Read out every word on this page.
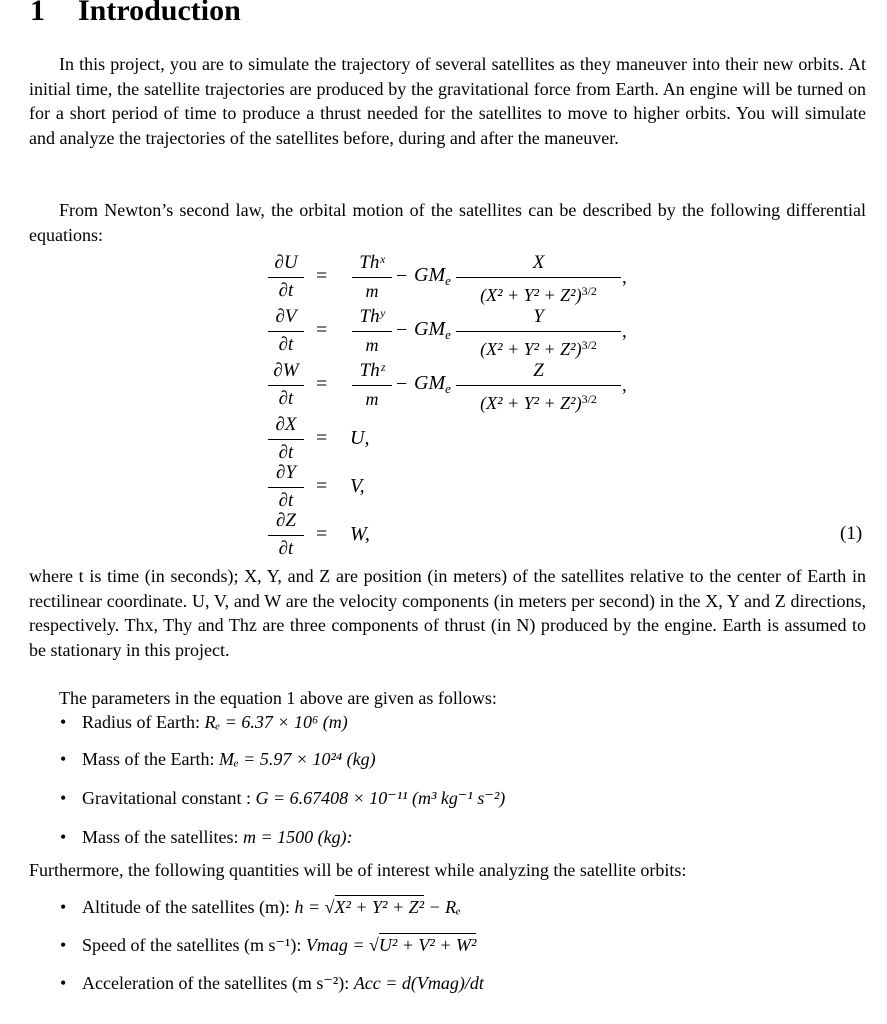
1 Introduction
In this project, you are to simulate the trajectory of several satellites as they maneuver into their new orbits. At initial time, the satellite trajectories are produced by the gravitational force from Earth. An engine will be turned on for a short period of time to produce a thrust needed for the satellites to move to higher orbits. You will simulate and analyze the trajectories of the satellites before, during and after the maneuver.
From Newton’s second law, the orbital motion of the satellites can be described by the following differential equations:
∂U
∂t
=
Thˣ
m
− $GM_e$
X
$(X^2 + Y^2 + Z^2)^{3/2}$
,
∂V
∂t
=
Thʸ
m
− $GM_e$
Y
$(X^2 + Y^2 + Z^2)^{3/2}$
,
∂W
∂t
=
Thᶻ
m
− $GM_e$
Z
$(X^2 + Y^2 + Z^2)^{3/2}$
,
∂X
∂t
= U,
∂Y
∂t
= V,
∂Z
∂t
= W,	(1)
where t is time (in seconds); X, Y, and Z are position (in meters) of the satellites relative to the center of Earth in rectilinear coordinate. U, V, and W are the velocity components (in meters per second) in the X, Y and Z directions, respectively. Thx, Thy and Thz are three components of thrust (in N) produced by the engine. Earth is assumed to be stationary in this project.
The parameters in the equation 1 above are given as follows:
• Radius of Earth: Rₑ = 6.37 × 10⁶ (m)
• Mass of the Earth: Mₑ = 5.97 × 10²⁴ (kg)
• Gravitational constant : G = 6.67408 × 10⁻¹¹ (m³ kg⁻¹ s⁻²)
• Mass of the satellites: m = 1500 (kg):
Furthermore, the following quantities will be of interest while analyzing the satellite orbits:
• Altitude of the satellites (m): h = √X² + Y² + Z² − Rₑ
• Speed of the satellites (m s⁻¹): Vmag = √U² + V² + W²
• Acceleration of the satellites (m s⁻²): Acc = d(Vmag)/dt
